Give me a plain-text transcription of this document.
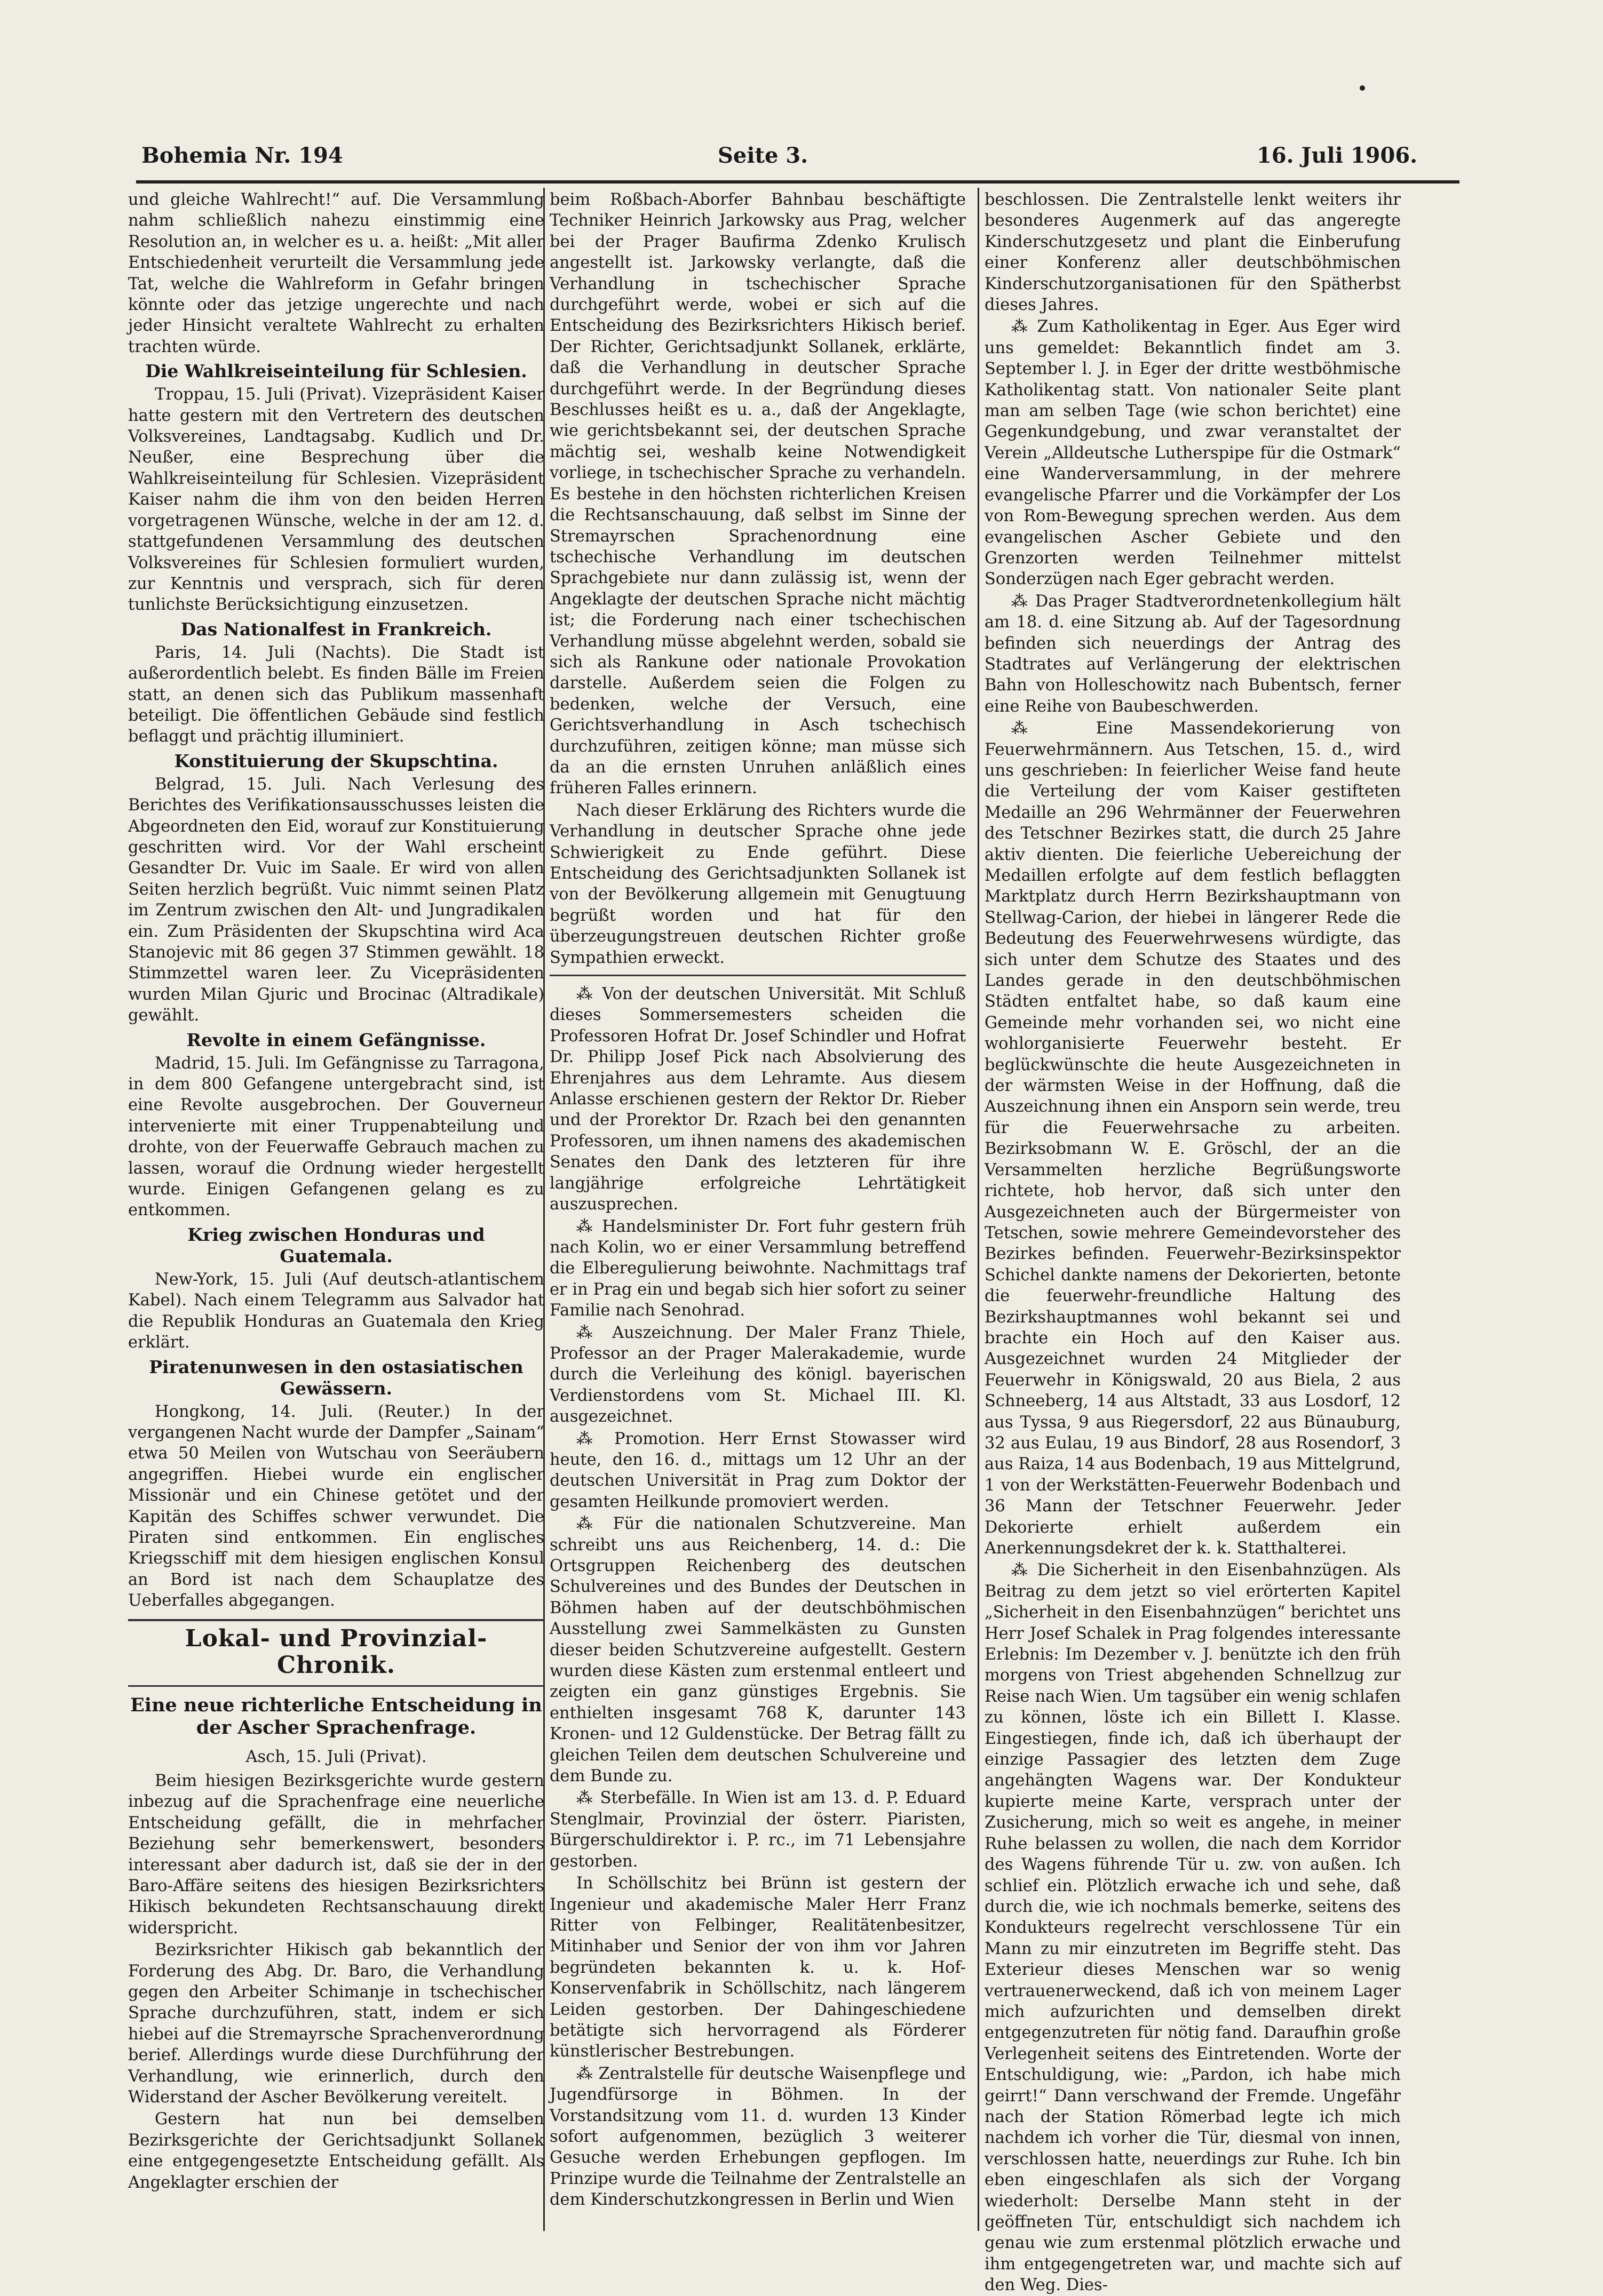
Bohemia Nr. 194	Seite 3.	16. Juli 1906.

und gleiche Wahlrecht!“ auf. Die Versammlung nahm schließlich nahezu einstimmig eine Resolution an, in welcher es u. a. heißt: „Mit aller Entschiedenheit verurteilt die Versammlung jede Tat, welche die Wahlreform in Gefahr bringen könnte oder das jetzige ungerechte und nach jeder Hinsicht veraltete Wahlrecht zu erhalten trachten würde.

Die Wahlkreiseinteilung für Schlesien.

Troppau, 15. Juli (Privat). Vizepräsident Kaiser hatte gestern mit den Vertretern des deutschen Volksvereines, Landtagsabg. Kudlich und Dr. Neußer, eine Besprechung über die Wahlkreiseinteilung für Schlesien. Vizepräsident Kaiser nahm die ihm von den beiden Herren vorgetragenen Wünsche, welche in der am 12. d. stattgefundenen Versammlung des deutschen Volksvereines für Schlesien formuliert wurden, zur Kenntnis und versprach, sich für deren tunlichste Berücksichtigung einzusetzen.

Das Nationalfest in Frankreich.

Paris, 14. Juli (Nachts). Die Stadt ist außerordentlich belebt. Es finden Bälle im Freien statt, an denen sich das Publikum massenhaft beteiligt. Die öffentlichen Gebäude sind festlich beflaggt und prächtig illuminiert.

Konstituierung der Skupschtina.

Belgrad, 15. Juli. Nach Verlesung des Berichtes des Verifikationsausschusses leisten die Abgeordneten den Eid, worauf zur Konstituierung geschritten wird. Vor der Wahl erscheint Gesandter Dr. Vuic im Saale. Er wird von allen Seiten herzlich begrüßt. Vuic nimmt seinen Platz im Zentrum zwischen den Alt- und Jungradikalen ein. Zum Präsidenten der Skupschtina wird Aca Stanojevic mit 86 gegen 37 Stimmen gewählt. 18 Stimmzettel waren leer. Zu Vicepräsidenten wurden Milan Gjuric und Brocinac (Altradikale) gewählt.

Revolte in einem Gefängnisse.

Madrid, 15. Juli. Im Gefängnisse zu Tarragona, in dem 800 Gefangene untergebracht sind, ist eine Revolte ausgebrochen. Der Gouverneur intervenierte mit einer Truppenabteilung und drohte, von der Feuerwaffe Gebrauch machen zu lassen, worauf die Ordnung wieder hergestellt wurde. Einigen Gefangenen gelang es zu entkommen.

Krieg zwischen Honduras und Guatemala.

New-York, 15. Juli (Auf deutsch-atlantischem Kabel). Nach einem Telegramm aus Salvador hat die Republik Honduras an Guatemala den Krieg erklärt.

Piratenunwesen in den ostasiatischen Gewässern.

Hongkong, 14. Juli. (Reuter.) In der vergangenen Nacht wurde der Dampfer „Sainam“ etwa 50 Meilen von Wutschau von Seeräubern angegriffen. Hiebei wurde ein englischer Missionär und ein Chinese getötet und der Kapitän des Schiffes schwer verwundet. Die Piraten sind entkommen. Ein englisches Kriegsschiff mit dem hiesigen englischen Konsul an Bord ist nach dem Schauplatze des Ueberfalles abgegangen.

Lokal- und Provinzial-Chronik.
Eine neue richterliche Entscheidung in der Ascher Sprachenfrage.

Asch, 15. Juli (Privat).

Beim hiesigen Bezirksgerichte wurde gestern inbezug auf die Sprachenfrage eine neuerliche Entscheidung gefällt, die in mehrfacher Beziehung sehr bemerkenswert, besonders interessant aber dadurch ist, daß sie der in der Baro-Affäre seitens des hiesigen Bezirksrichters Hikisch bekundeten Rechtsanschauung direkt widerspricht.

Bezirksrichter Hikisch gab bekanntlich der Forderung des Abg. Dr. Baro, die Verhandlung gegen den Arbeiter Schimanje in tschechischer Sprache durchzuführen, statt, indem er sich hiebei auf die Stremayrsche Sprachenverordnung berief. Allerdings wurde diese Durchführung der Verhandlung, wie erinnerlich, durch den Widerstand der Ascher Bevölkerung vereitelt.

Gestern hat nun bei demselben Bezirksgerichte der Gerichtsadjunkt Sollanek eine entgegengesetzte Entscheidung gefällt. Als Angeklagter erschien der

beim Roßbach-Aborfer Bahnbau beschäftigte Techniker Heinrich Jarkowsky aus Prag, welcher bei der Prager Baufirma Zdenko Krulisch angestellt ist. Jarkowsky verlangte, daß die Verhandlung in tschechischer Sprache durchgeführt werde, wobei er sich auf die Entscheidung des Bezirksrichters Hikisch berief. Der Richter, Gerichtsadjunkt Sollanek, erklärte, daß die Verhandlung in deutscher Sprache durchgeführt werde. In der Begründung dieses Beschlusses heißt es u. a., daß der Angeklagte, wie gerichtsbekannt sei, der deutschen Sprache mächtig sei, weshalb keine Notwendigkeit vorliege, in tschechischer Sprache zu verhandeln. Es bestehe in den höchsten richterlichen Kreisen die Rechtsanschauung, daß selbst im Sinne der Stremayrschen Sprachenordnung eine tschechische Verhandlung im deutschen Sprachgebiete nur dann zulässig ist, wenn der Angeklagte der deutschen Sprache nicht mächtig ist; die Forderung nach einer tschechischen Verhandlung müsse abgelehnt werden, sobald sie sich als Rankune oder nationale Provokation darstelle. Außerdem seien die Folgen zu bedenken, welche der Versuch, eine Gerichtsverhandlung in Asch tschechisch durchzuführen, zeitigen könne; man müsse sich da an die ernsten Unruhen anläßlich eines früheren Falles erinnern.

Nach dieser Erklärung des Richters wurde die Verhandlung in deutscher Sprache ohne jede Schwierigkeit zu Ende geführt. Diese Entscheidung des Gerichtsadjunkten Sollanek ist von der Bevölkerung allgemein mit Genugtuung begrüßt worden und hat für den überzeugungstreuen deutschen Richter große Sympathien erweckt.

⁂ Von der deutschen Universität. Mit Schluß dieses Sommersemesters scheiden die Professoren Hofrat Dr. Josef Schindler und Hofrat Dr. Philipp Josef Pick nach Absolvierung des Ehrenjahres aus dem Lehramte. Aus diesem Anlasse erschienen gestern der Rektor Dr. Rieber und der Prorektor Dr. Rzach bei den genannten Professoren, um ihnen namens des akademischen Senates den Dank des letzteren für ihre langjährige erfolgreiche Lehrtätigkeit auszusprechen.

⁂ Handelsminister Dr. Fort fuhr gestern früh nach Kolin, wo er einer Versammlung betreffend die Elberegulierung beiwohnte. Nachmittags traf er in Prag ein und begab sich hier sofort zu seiner Familie nach Senohrad.

⁂ Auszeichnung. Der Maler Franz Thiele, Professor an der Prager Malerakademie, wurde durch die Verleihung des königl. bayerischen Verdienstordens vom St. Michael III. Kl. ausgezeichnet.

⁂ Promotion. Herr Ernst Stowasser wird heute, den 16. d., mittags um 12 Uhr an der deutschen Universität in Prag zum Doktor der gesamten Heilkunde promoviert werden.

⁂ Für die nationalen Schutzvereine. Man schreibt uns aus Reichenberg, 14. d.: Die Ortsgruppen Reichenberg des deutschen Schulvereines und des Bundes der Deutschen in Böhmen haben auf der deutschböhmischen Ausstellung zwei Sammelkästen zu Gunsten dieser beiden Schutzvereine aufgestellt. Gestern wurden diese Kästen zum erstenmal entleert und zeigten ein ganz günstiges Ergebnis. Sie enthielten insgesamt 768 K, darunter 143 Kronen- und 12 Guldenstücke. Der Betrag fällt zu gleichen Teilen dem deutschen Schulvereine und dem Bunde zu.

⁂ Sterbefälle. In Wien ist am 13. d. P. Eduard Stenglmair, Provinzial der österr. Piaristen, Bürgerschuldirektor i. P. rc., im 71 Lebensjahre gestorben.

In Schöllschitz bei Brünn ist gestern der Ingenieur und akademische Maler Herr Franz Ritter von Felbinger, Realitätenbesitzer, Mitinhaber und Senior der von ihm vor Jahren begründeten bekannten k. u. k. Hof-Konservenfabrik in Schöllschitz, nach längerem Leiden gestorben. Der Dahingeschiedene betätigte sich hervorragend als Förderer künstlerischer Bestrebungen.

⁂ Zentralstelle für deutsche Waisenpflege und Jugendfürsorge in Böhmen. In der Vorstandsitzung vom 11. d. wurden 13 Kinder sofort aufgenommen, bezüglich 3 weiterer Gesuche werden Erhebungen gepflogen. Im Prinzipe wurde die Teilnahme der Zentralstelle an dem Kinderschutzkongressen in Berlin und Wien

beschlossen. Die Zentralstelle lenkt weiters ihr besonderes Augenmerk auf das angeregte Kinderschutzgesetz und plant die Einberufung einer Konferenz aller deutschböhmischen Kinderschutzorganisationen für den Spätherbst dieses Jahres.

⁂ Zum Katholikentag in Eger. Aus Eger wird uns gemeldet: Bekanntlich findet am 3. September l. J. in Eger der dritte westböhmische Katholikentag statt. Von nationaler Seite plant man am selben Tage (wie schon berichtet) eine Gegenkundgebung, und zwar veranstaltet der Verein „Alldeutsche Lutherspipe für die Ostmark“ eine Wanderversammlung, in der mehrere evangelische Pfarrer und die Vorkämpfer der Los von Rom-Bewegung sprechen werden. Aus dem evangelischen Ascher Gebiete und den Grenzorten werden Teilnehmer mittelst Sonderzügen nach Eger gebracht werden.

⁂ Das Prager Stadtverordnetenkollegium hält am 18. d. eine Sitzung ab. Auf der Tagesordnung befinden sich neuerdings der Antrag des Stadtrates auf Verlängerung der elektrischen Bahn von Holleschowitz nach Bubentsch, ferner eine Reihe von Baubeschwerden.

⁂ Eine Massendekorierung von Feuerwehrmännern. Aus Tetschen, 15. d., wird uns geschrieben: In feierlicher Weise fand heute die Verteilung der vom Kaiser gestifteten Medaille an 296 Wehrmänner der Feuerwehren des Tetschner Bezirkes statt, die durch 25 Jahre aktiv dienten. Die feierliche Uebereichung der Medaillen erfolgte auf dem festlich beflaggten Marktplatz durch Herrn Bezirkshauptmann von Stellwag-Carion, der hiebei in längerer Rede die Bedeutung des Feuerwehrwesens würdigte, das sich unter dem Schutze des Staates und des Landes gerade in den deutschböhmischen Städten entfaltet habe, so daß kaum eine Gemeinde mehr vorhanden sei, wo nicht eine wohlorganisierte Feuerwehr besteht. Er beglückwünschte die heute Ausgezeichneten in der wärmsten Weise in der Hoffnung, daß die Auszeichnung ihnen ein Ansporn sein werde, treu für die Feuerwehrsache zu arbeiten. Bezirksobmann W. E. Gröschl, der an die Versammelten herzliche Begrüßungsworte richtete, hob hervor, daß sich unter den Ausgezeichneten auch der Bürgermeister von Tetschen, sowie mehrere Gemeindevorsteher des Bezirkes befinden. Feuerwehr-Bezirksinspektor Schichel dankte namens der Dekorierten, betonte die feuerwehr-freundliche Haltung des Bezirkshauptmannes wohl bekannt sei und brachte ein Hoch auf den Kaiser aus. Ausgezeichnet wurden 24 Mitglieder der Feuerwehr in Königswald, 20 aus Biela, 2 aus Schneeberg, 14 aus Altstadt, 33 aus Losdorf, 12 aus Tyssa, 9 aus Riegersdorf, 22 aus Bünauburg, 32 aus Eulau, 19 aus Bindorf, 28 aus Rosendorf, 3 aus Raiza, 14 aus Bodenbach, 19 aus Mittelgrund, 1 von der Werkstätten-Feuerwehr Bodenbach und 36 Mann der Tetschner Feuerwehr. Jeder Dekorierte erhielt außerdem ein Anerkennungsdekret der k. k. Statthalterei.

⁂ Die Sicherheit in den Eisenbahnzügen. Als Beitrag zu dem jetzt so viel erörterten Kapitel „Sicherheit in den Eisenbahnzügen“ berichtet uns Herr Josef Schalek in Prag folgendes interessante Erlebnis: Im Dezember v. J. benützte ich den früh morgens von Triest abgehenden Schnellzug zur Reise nach Wien. Um tagsüber ein wenig schlafen zu können, löste ich ein Billett I. Klasse. Eingestiegen, finde ich, daß ich überhaupt der einzige Passagier des letzten dem Zuge angehängten Wagens war. Der Kondukteur kupierte meine Karte, versprach unter der Zusicherung, mich so weit es angehe, in meiner Ruhe belassen zu wollen, die nach dem Korridor des Wagens führende Tür u. zw. von außen. Ich schlief ein. Plötzlich erwache ich und sehe, daß durch die, wie ich nochmals bemerke, seitens des Kondukteurs regelrecht verschlossene Tür ein Mann zu mir einzutreten im Begriffe steht. Das Exterieur dieses Menschen war so wenig vertrauenerweckend, daß ich von meinem Lager mich aufzurichten und demselben direkt entgegenzutreten für nötig fand. Daraufhin große Verlegenheit seitens des Eintretenden. Worte der Entschuldigung, wie: „Pardon, ich habe mich geirrt!“ Dann verschwand der Fremde. Ungefähr nach der Station Römerbad legte ich mich nachdem ich vorher die Tür, diesmal von innen, verschlossen hatte, neuerdings zur Ruhe. Ich bin eben eingeschlafen als sich der Vorgang wiederholt: Derselbe Mann steht in der geöffneten Tür, entschuldigt sich nachdem ich genau wie zum erstenmal plötzlich erwache und ihm entgegengetreten war, und machte sich auf den Weg. Dies-
